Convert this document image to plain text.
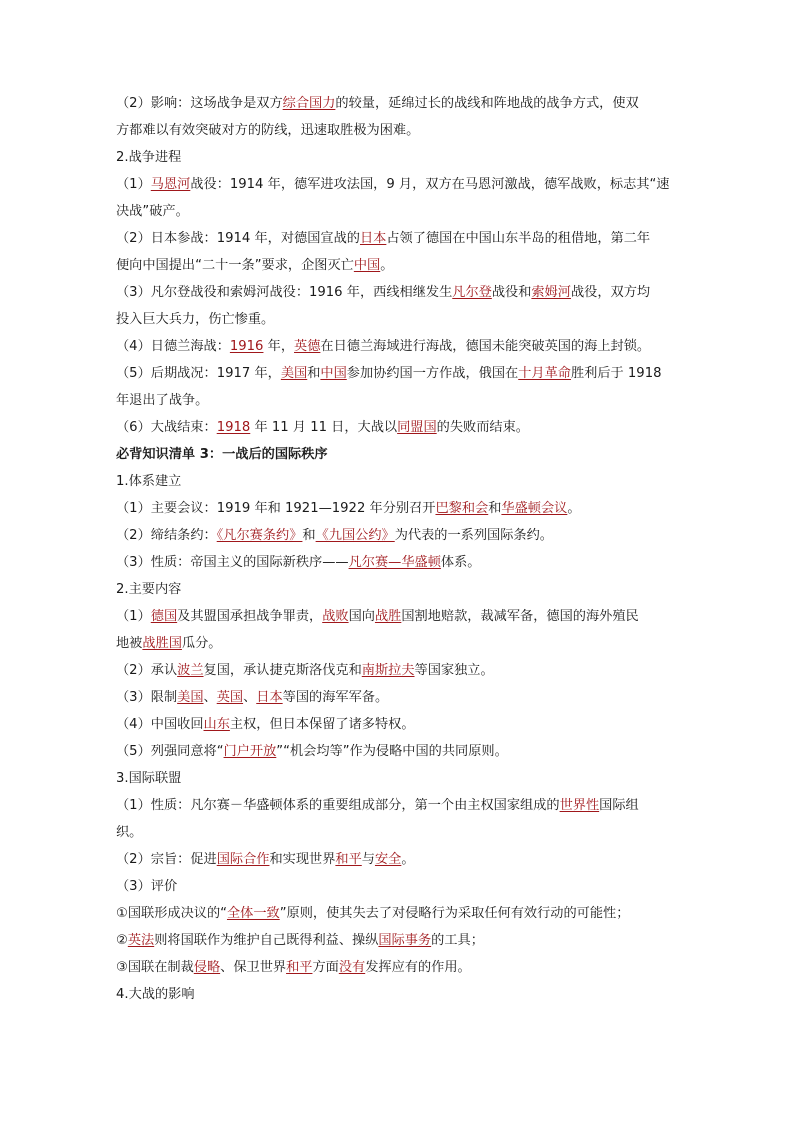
（2）影响：这场战争是双方综合国力的较量，延绵过长的战线和阵地战的战争方式，使双
方都难以有效突破对方的防线，迅速取胜极为困难。
2.战争进程
（1）马恩河战役：1914 年，德军进攻法国，9 月，双方在马恩河激战，德军战败，标志其“速
决战”破产。
（2）日本参战：1914 年，对德国宣战的日本占领了德国在中国山东半岛的租借地，第二年
便向中国提出“二十一条”要求，企图灭亡中国。
（3）凡尔登战役和索姆河战役：1916 年，西线相继发生凡尔登战役和索姆河战役，双方均
投入巨大兵力，伤亡惨重。
（4）日德兰海战：1916 年，英德在日德兰海域进行海战，德国未能突破英国的海上封锁。
（5）后期战况：1917 年，美国和中国参加协约国一方作战，俄国在十月革命胜利后于 1918
年退出了战争。
（6）大战结束：1918 年 11 月 11 日，大战以同盟国的失败而结束。
必背知识清单 3：一战后的国际秩序
1.体系建立
（1）主要会议：1919 年和 1921—1922 年分别召开巴黎和会和华盛顿会议。
（2）缔结条约：《凡尔赛条约》和《九国公约》为代表的一系列国际条约。
（3）性质：帝国主义的国际新秩序——凡尔赛—华盛顿体系。
2.主要内容
（1）德国及其盟国承担战争罪责，战败国向战胜国割地赔款，裁减军备，德国的海外殖民
地被战胜国瓜分。
（2）承认波兰复国，承认捷克斯洛伐克和南斯拉夫等国家独立。
（3）限制美国、英国、日本等国的海军军备。
（4）中国收回山东主权，但日本保留了诸多特权。
（5）列强同意将“门户开放”“机会均等”作为侵略中国的共同原则。
3.国际联盟
（1）性质：凡尔赛－华盛顿体系的重要组成部分，第一个由主权国家组成的世界性国际组
织。
（2）宗旨：促进国际合作和实现世界和平与安全。
（3）评价
①国联形成决议的“全体一致”原则，使其失去了对侵略行为采取任何有效行动的可能性；
②英法则将国联作为维护自己既得利益、操纵国际事务的工具；
③国联在制裁侵略、保卫世界和平方面没有发挥应有的作用。
4.大战的影响
